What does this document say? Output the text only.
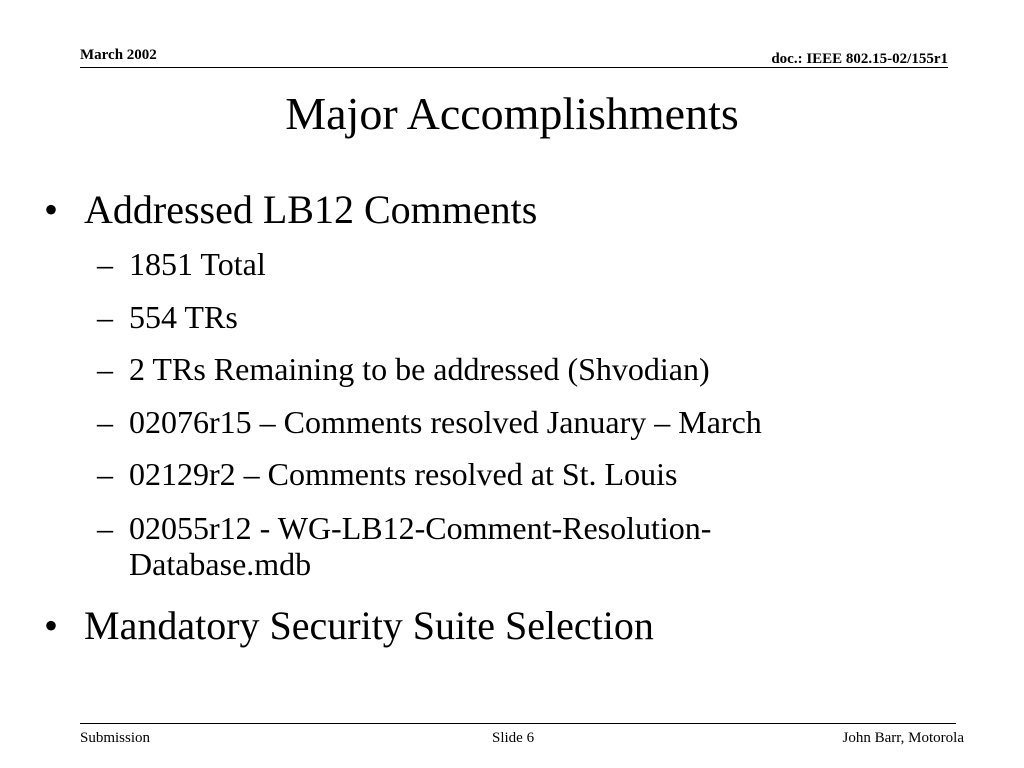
March 2002	doc.: IEEE 802.15-02/155r1
Major Accomplishments
• Addressed LB12 Comments
– 1851 Total
– 554 TRs
– 2 TRs Remaining to be addressed (Shvodian)
– 02076r15 – Comments resolved January – March
– 02129r2 – Comments resolved at St. Louis
– 02055r12 - WG-LB12-Comment-Resolution-
Database.mdb
• Mandatory Security Suite Selection
Submission	Slide 6	John Barr, Motorola
